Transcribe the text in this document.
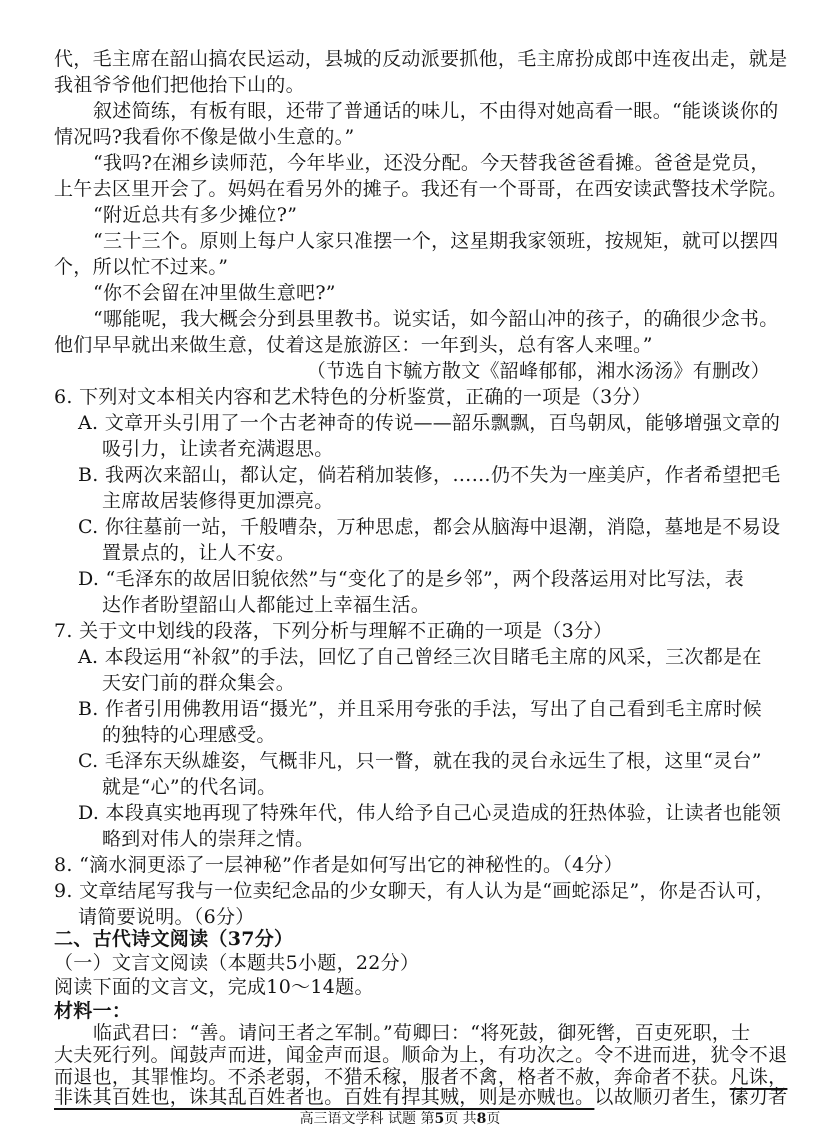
代，毛主席在韶山搞农民运动，县城的反动派要抓他，毛主席扮成郎中连夜出走，就是
我祖爷爷他们把他抬下山的。
叙述简练，有板有眼，还带了普通话的味儿，不由得对她高看一眼。“能谈谈你的
情况吗?我看你不像是做小生意的。”
“我吗?在湘乡读师范，今年毕业，还没分配。今天替我爸爸看摊。爸爸是党员，
上午去区里开会了。妈妈在看另外的摊子。我还有一个哥哥，在西安读武警技术学院。
“附近总共有多少摊位?”
“三十三个。原则上每户人家只准摆一个，这星期我家领班，按规矩，就可以摆四
个，所以忙不过来。”
“你不会留在冲里做生意吧?”
“哪能呢，我大概会分到县里教书。说实话，如今韶山冲的孩子，的确很少念书。
他们早早就出来做生意，仗着这是旅游区：一年到头，总有客人来哩。”
（节选自卞毓方散文《韶峰郁郁，湘水汤汤》有删改）
6. 下列对文本相关内容和艺术特色的分析鉴赏，正确的一项是（3分）
A. 文章开头引用了一个古老神奇的传说——韶乐飘飘，百鸟朝凤，能够增强文章的
吸引力，让读者充满遐思。
B. 我两次来韶山，都认定，倘若稍加装修，……仍不失为一座美庐，作者希望把毛
主席故居装修得更加漂亮。
C. 你往墓前一站，千般嘈杂，万种思虑，都会从脑海中退潮，消隐，墓地是不易设
置景点的，让人不安。
D. “毛泽东的故居旧貌依然”与“变化了的是乡邻”，两个段落运用对比写法，表
达作者盼望韶山人都能过上幸福生活。
7. 关于文中划线的段落，下列分析与理解不正确的一项是（3分）
A. 本段运用“补叙”的手法，回忆了自己曾经三次目睹毛主席的风采，三次都是在
天安门前的群众集会。
B. 作者引用佛教用语“摄光”，并且采用夸张的手法，写出了自己看到毛主席时候
的独特的心理感受。
C. 毛泽东天纵雄姿，气概非凡，只一瞥，就在我的灵台永远生了根，这里“灵台”
就是“心”的代名词。
D. 本段真实地再现了特殊年代，伟人给予自己心灵造成的狂热体验，让读者也能领
略到对伟人的崇拜之情。
8. “滴水洞更添了一层神秘”作者是如何写出它的神秘性的。（4分）
9. 文章结尾写我与一位卖纪念品的少女聊天，有人认为是“画蛇添足”，你是否认可，
请简要说明。（6分）
二、古代诗文阅读（37分）
（一）文言文阅读（本题共5小题，22分）
阅读下面的文言文，完成10～14题。
材料一：
临武君曰：“善。请问王者之军制。”荀卿曰：“将死鼓，御死辔，百吏死职，士
大夫死行列。闻鼓声而进，闻金声而退。顺命为上，有功次之。令不进而进，犹令不退
高三语文学科 试题 第5页 共8页
而退也，其罪惟均。不杀老弱，不猎禾稼，服者不禽，格者不赦，奔命者不获。凡诛，
非诛其百姓也，诛其乱百姓者也。百姓有捍其贼，则是亦贼也。以故顺刃者生，傃刃者
